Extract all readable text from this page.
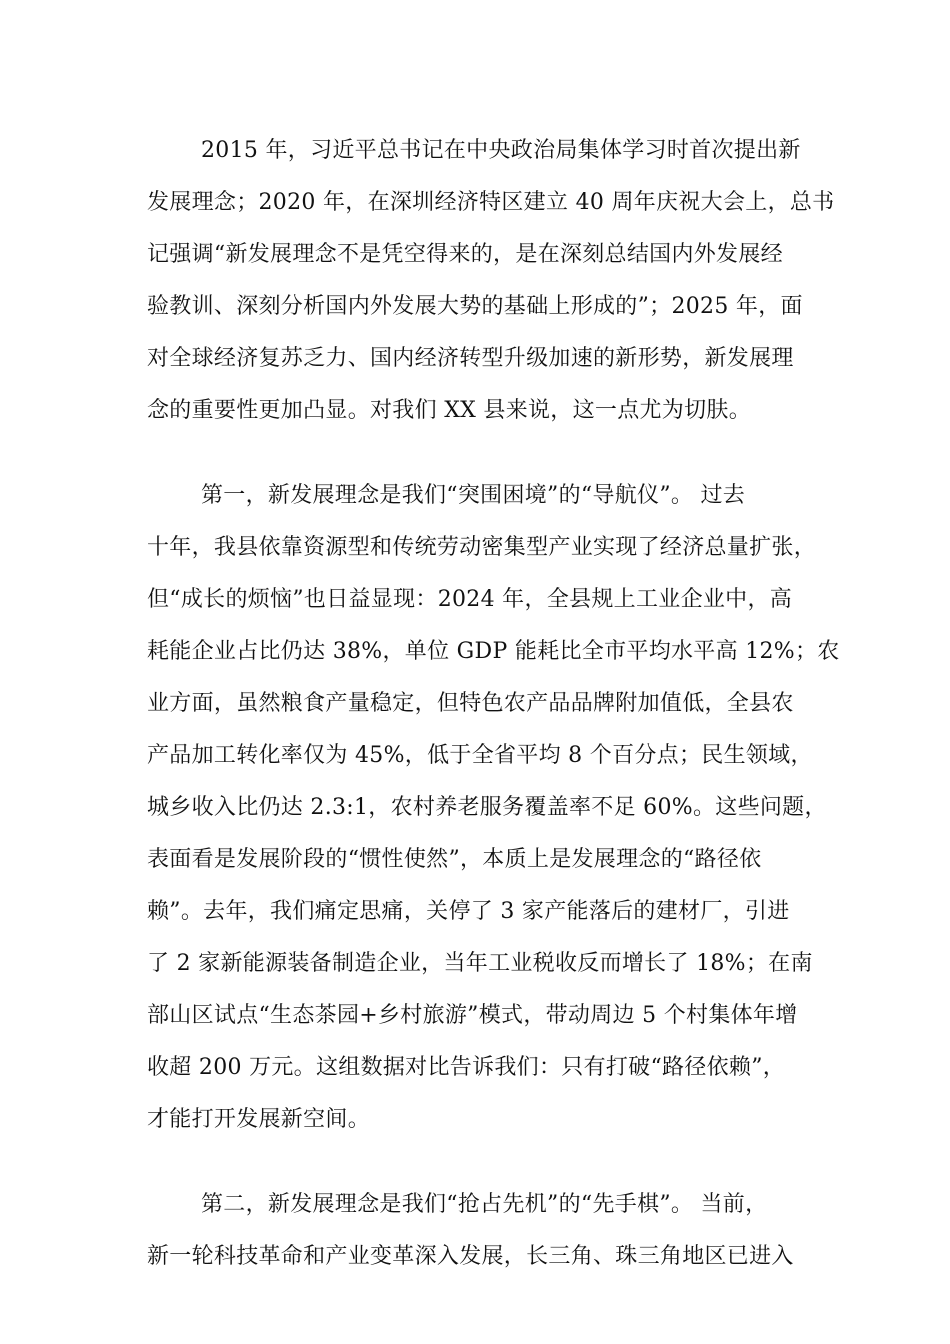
2015 年，习近平总书记在中央政治局集体学习时首次提出新
发展理念；2020 年，在深圳经济特区建立 40 周年庆祝大会上，总书
记强调“新发展理念不是凭空得来的，是在深刻总结国内外发展经
验教训、深刻分析国内外发展大势的基础上形成的”；2025 年，面
对全球经济复苏乏力、国内经济转型升级加速的新形势，新发展理
念的重要性更加凸显。对我们 XX 县来说，这一点尤为切肤。
第一，新发展理念是我们“突围困境”的“导航仪”。 过去
十年，我县依靠资源型和传统劳动密集型产业实现了经济总量扩张，
但“成长的烦恼”也日益显现：2024 年，全县规上工业企业中，高
耗能企业占比仍达 38%，单位 GDP 能耗比全市平均水平高 12%；农
业方面，虽然粮食产量稳定，但特色农产品品牌附加值低，全县农
产品加工转化率仅为 45%，低于全省平均 8 个百分点；民生领域，
城乡收入比仍达 2.3:1，农村养老服务覆盖率不足 60%。这些问题，
表面看是发展阶段的“惯性使然”，本质上是发展理念的“路径依
赖”。去年，我们痛定思痛，关停了 3 家产能落后的建材厂，引进
了 2 家新能源装备制造企业，当年工业税收反而增长了 18%；在南
部山区试点“生态茶园+乡村旅游”模式，带动周边 5 个村集体年增
收超 200 万元。这组数据对比告诉我们：只有打破“路径依赖”，
才能打开发展新空间。
第二，新发展理念是我们“抢占先机”的“先手棋”。 当前，
新一轮科技革命和产业变革深入发展，长三角、珠三角地区已进入
